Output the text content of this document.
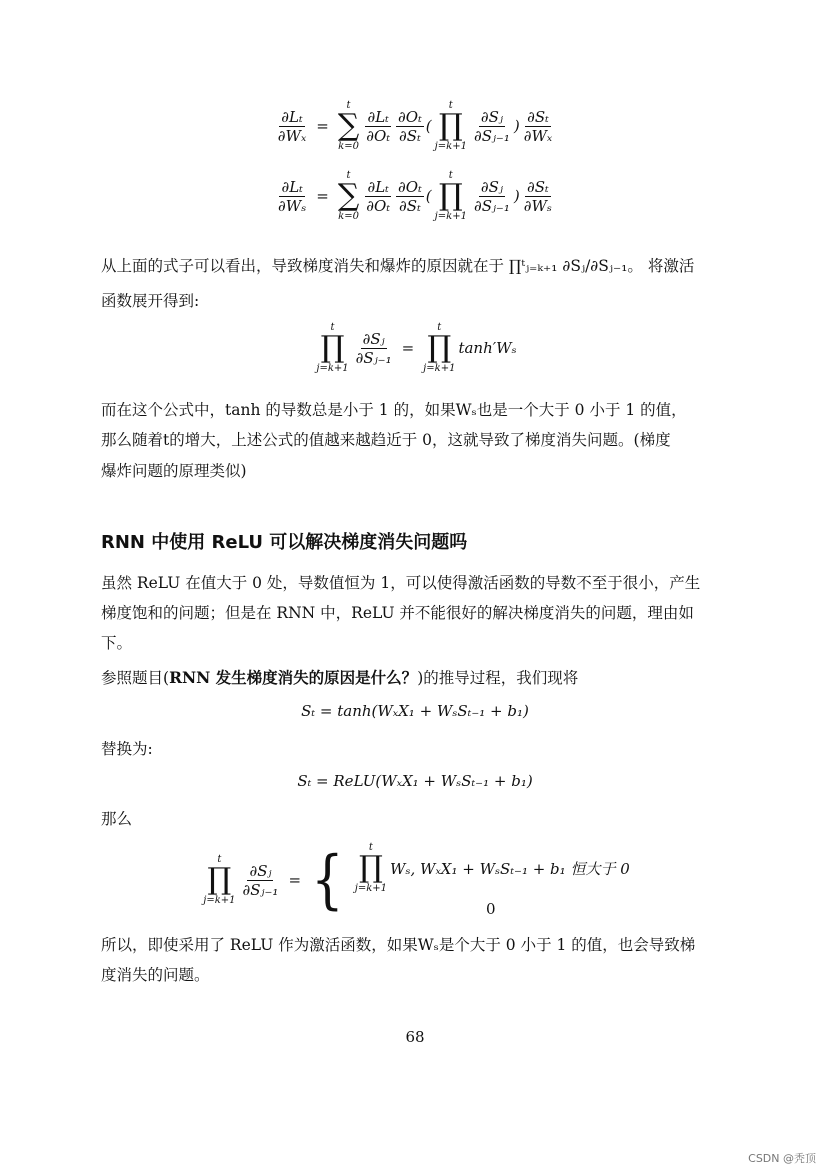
$\frac{\text{∂Lₜ}}{\text{∂Wₓ}}$ =
t
∑
k=0
$\frac{\text{∂Lₜ}}{\text{∂Oₜ}} \frac{\text{∂Oₜ}}{\text{∂Sₜ}}$ (
t
∏
j=k+1
$\frac{\text{∂Sⱼ}}{\text{∂Sⱼ₋₁}}$ ) $\frac{\text{∂Sₜ}}{\text{∂Wₓ}}$
$\frac{\text{∂Lₜ}}{\text{∂Wₛ}}$ =
t
∑
k=0
$\frac{\text{∂Lₜ}}{\text{∂Oₜ}} \frac{\text{∂Oₜ}}{\text{∂Sₜ}}$ (
t
∏
j=k+1
$\frac{\text{∂Sⱼ}}{\text{∂Sⱼ₋₁}}$ ) $\frac{\text{∂Sₜ}}{\text{∂Wₛ}}$
从上面的式子可以看出，导致梯度消失和爆炸的原因就在于 ∏ᵗⱼ₌ₖ₊₁ ∂Sⱼ/∂Sⱼ₋₁。 将激活
函数展开得到:
t
∏
j=k+1
$\frac{\text{∂Sⱼ}}{\text{∂Sⱼ₋₁}}$ =
t
∏
j=k+1
tanh′Wₛ
而在这个公式中，tanh 的导数总是小于 1 的，如果Wₛ也是一个大于 0 小于 1 的值，
那么随着t的增大，上述公式的值越来越趋近于 0，这就导致了梯度消失问题。(梯度
爆炸问题的原理类似)
RNN 中使用 ReLU 可以解决梯度消失问题吗
虽然 ReLU 在值大于 0 处，导数值恒为 1，可以使得激活函数的导数不至于很小，产生
梯度饱和的问题；但是在 RNN 中，ReLU 并不能很好的解决梯度消失的问题，理由如
下。
参照题目(RNN 发生梯度消失的原因是什么？)的推导过程，我们现将
Sₜ = tanh(WₓX₁ + WₛSₜ₋₁ + b₁)
替换为:
Sₜ = ReLU(WₓX₁ + WₛSₜ₋₁ + b₁)
那么
t
∏
j=k+1
$\frac{\text{∂Sⱼ}}{\text{∂Sⱼ₋₁}}$ = {	t
∏
j=k+1
Wₛ, WₓX₁ + WₛSₜ₋₁ + b₁ 恒大于 0
0
所以，即使采用了 ReLU 作为激活函数，如果Wₛ是个大于 0 小于 1 的值，也会导致梯
度消失的问题。
68
CSDN @秃顶
